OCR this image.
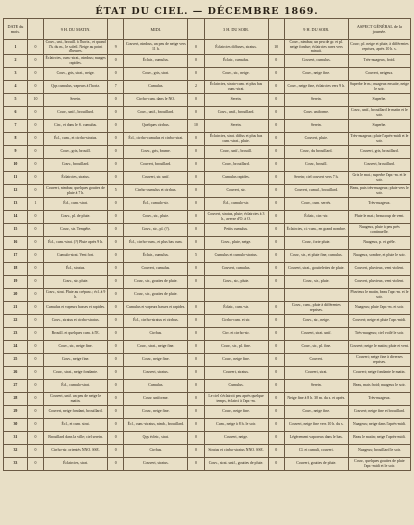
ÉTAT DU CIEL. — DÉCEMBRE 1869.
DATE du mois.		9 H. DU MATIN.		MIDI.		3 H. DU SOIR.		9 H. DU SOIR.	ASPECT GÉNÉRAL de la journée.
1	0	Couv., uni., brouill. à l'horiz., et quand l'h. du m., le soleil. Neige au point d'heures.	9	Couvert, nimbus, un peu de neige vers 11 h.	0	Éclaircies diffuses, stratus.	10	Couv., nimbus; un peu de gr. et pl. neige fondue; éclaircies rares vers minuit.	Couv.; pl. neige et pluie, à différentes reprises, après 10 h. s.
2	0	Éclaircies, cum.-strat., nimbus; nuages rapides.	0	Éclair., cumulus.	0	Éclair., cumulus.	0	Couvert, cumulus.	Très-nuageux, froid.
3	0	Couv., gris, strat., neige.	0	Couv., gris, strat.	0	Couv., str., neige.	0	Couv., neige fine.	Couvert, neigeux.
4	0	Qqs cumulus, vapeurs à l'horiz.	7	Cumulus.	2	Éclaircies, strato-cum. et plus bas cum.-strat.	0	Couv., neige fine, éclaircies vers 9 h.	Superbe le m.; nuageux ensuite, neige le soir.
5	10	Serein.	0	Cirrho-cum. dans le NO.	0	Serein.	0	Serein.	Superbe.
6	0	Couv., unif., brouillard.	0	Couv., unif., brouillard.	0	Couv., unif., brouillard.	0	Couv. uniforme.	Couv., unif., brouillard le matin et le soir.
7	0	Cirr., et dans le S. cumulus.	0	Quelques cirrhus.	10	Serein.	0	Serein.	Superbe.
8	0	Écl., cum., et cirrho-stratus.	0	Écl., cirrho-cumulus et cirrho-strat.	0	Éclaircies, strat. diffus et plus bas cum.-strat., pluie.	0	Couvert, pluie.	Très-nuageux; pluie l'après-midi et le soir.
9	0	Couv., gris, brouill.	0	Couv., gris, brume.	0	Couv., unif., brouill.	0	Couv., du brouillard.	Couvert, gris, brouillard.
10	0	Couv., brouillard.	0	Couvert, brouillard.	0	Couv., brouillard.	0	Couv., brouill.	Couvert, brouillard.
11	0	Éclaircies, stratus.	0	Couvert, str. unif.	0	Cumulus rapides.	0	Serein; ciel couvert vers 7 h.	Gris le mat.; superbe l'apr.-m. et le soir.
12	0	Couvert, nimbus; quelques gouttes de pluie à 7 h.	5	Cirrho-cumulus et cirrhus.	0	Couvert, str.	0	Couvert, cumul., brouillard.	Beau, puis très-nuageux; pluie vers le soir.
13	1	Écl., cum.-strat.	0	Écl., cumulo-str.	0	Écl., cumulo-str.	0	Couv., cum. serrés.	Très-nuageux.
14	0	Couv., pl. de pluie.	0	Couv., str., pluie.	0	Couvert, stratus, pluie; éclaircies à 3 h., averse d'O. à O.	0	Éclair., cirr.-str.	Pluie le mat.; beaucoup de vent.
15	0	Couv., str. Tempête.	0	Couv., str., pl. (?).	0	Petits cumulus.	0	Éclaircies, ci.-cum., en grand nombre.	Nuageux, pluie à peu près continuelle.
16	0	Écl., cum.-strat. (?) Pluie après 9 h.	0	Écl., cirrho-cum., et plus bas cum.	0	Couv., pluie, neige.	0	Couv., forte pluie.	Nuageux, p. et grêle.
17	0	Cumulo-strat. Vent fort.	0	Éclair., cumulus.	5	Cumulus et cumulo-stratus.	0	Couv., str., et pluie fine, cumulus.	Nuageux, sombre, et pluie le soir.
18	0	Écl., stratus.	0	Couvert, cumulus.	0	Couvert, cumulus.	0	Couvert, strat., gouttelettes de pluie.	Couvert, pluvieux, vent violent.
19	0	Couv., str. pluie.	0	Couv., str., gouttes de pluie.	0	Couv., str., pluie.	0	Couv., str., pluie.	Couvert, pluvieux, vent violent.
20	0	Couv., strat. Pluie au crépusc.; écl. à 9 h.	0	Couv., str., gouttes de pluie.					Pluvieux le matin, beau l'apr.-m. et le soir.
21	0	Cumulus et vapeurs basses et rapides.	0	Cumulus et vapeurs basses et rapides.	0	Éclair., cum.-str.	0	Couv., cum., pluie à différentes reprises.	Nuageux; pluie l'apr.-m. et soir.
22	0	Couv., stratus et cirrho-stratus.	0	Écl., cirrho-stratus et cirrhus.	0	Cirrho-cum. et str.	0	Couv., str., neige.	Couvert; neige et pluie l'apr.-midi.
23	0	Brouill. et quelques cum. à l'E.	0	Cirrhus.	0	Cirr. et cirrho-str.	0	Couvert, strat. unif.	Très-nuageux; ciel voilé le soir.
24	0	Couv., str., neige fine.	0	Couv., strat., neige fine.	0	Couv., str., pl. fine.	0	Couv., str., pl. fine.	Couvert; neige le matin; pluie et vent.
25	0	Couv., neige fine.	0	Couv., neige fine.	0	Couv., neige fine.	0	Couvert.	Couvert; neige fine à diverses reprises.
26	0	Couv., strat., neige fondante.	0	Couvert, stratus.	0	Couvert, stratus.	0	Couvert, strat.	Couvert; neige fondante le matin.
27	0	Écl., cumulo-strat.	0	Cumulus.	0	Cumulus.	0	Serein.	Beau, mais froid; nuageux le soir.
28	0	Couvert, unif. un peu de neige le matin.	0	Couv. uniforme.	0	Le ciel s'éclaircit peu après quelque temps, éclairci à l'apr.-m.	0	Neige fine à 8 h. 30 m. du s. et après.	Très-nuageux.
29	0	Couvert, neige fondant, brouillard.	0	Couv., neige fine.	0	Couv., neige fine.	0	Couv., neige fine.	Couvert; neige fine et brouillard.
30	0	Écl., et cum. strat.	0	Écl., cum.-stratus, nimb., brouillard.	0	Cum., neige à 8 h. le soir.	0	Couvert, neige fine vers 10 h. du s.	Nuageux; neige dans l'après-midi.
31	0	Brouillard dans la ville; ciel serein.	0	Qqs écleir., strat.	0	Couvert, neige.	0	Légèrement vaporeux dans le bas.	Beau le matin; neige l'après-midi.
32	0	Cirrho-str. orientés NNO. SSE.	0	Cirrhus.	0	Stratus et cirrho-stratus NNO. SSE.	0	Cl. et cumuli, couvert.	Nuageux; brouillard le soir.
33	0	Éclaircies, strat.	0	Couvert, stratus.	0	Couv., strat. unif., gouttes de pluie.	0	Couvert, gouttes de pluie.	Couv., quelques gouttes de pluie l'apr.-midi et le soir.
